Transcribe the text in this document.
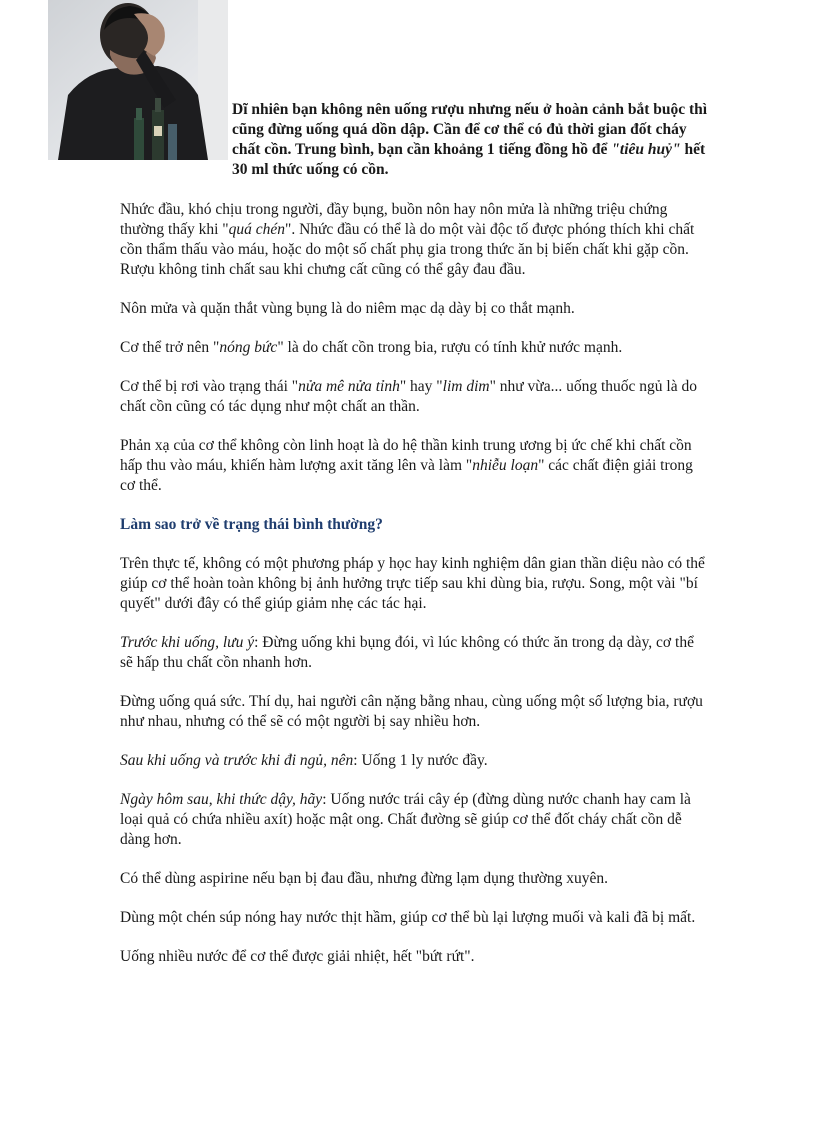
Dĩ nhiên bạn không nên uống rượu nhưng nếu ở hoàn cảnh bắt buộc thì cũng đừng uống quá dồn dập. Cần để cơ thể có đủ thời gian đốt cháy chất cồn. Trung bình, bạn cần khoảng 1 tiếng đồng hồ để "tiêu huỷ" hết 30 ml thức uống có cồn.

Nhức đầu, khó chịu trong người, đầy bụng, buồn nôn hay nôn mửa là những triệu chứng thường thấy khi "quá chén". Nhức đầu có thể là do một vài độc tố được phóng thích khi chất cồn thẩm thấu vào máu, hoặc do một số chất phụ gia trong thức ăn bị biến chất khi gặp cồn. Rượu không tinh chất sau khi chưng cất cũng có thể gây đau đầu.

Nôn mửa và quặn thắt vùng bụng là do niêm mạc dạ dày bị co thắt mạnh.

Cơ thể trở nên "nóng bức" là do chất cồn trong bia, rượu có tính khử nước mạnh.

Cơ thể bị rơi vào trạng thái "nửa mê nửa tỉnh" hay "lim dim" như vừa... uống thuốc ngủ là do chất cồn cũng có tác dụng như một chất an thần.

Phản xạ của cơ thể không còn linh hoạt là do hệ thần kinh trung ương bị ức chế khi chất cồn hấp thu vào máu, khiến hàm lượng axit tăng lên và làm "nhiễu loạn" các chất điện giải trong cơ thể.

Làm sao trở về trạng thái bình thường?

Trên thực tế, không có một phương pháp y học hay kinh nghiệm dân gian thần diệu nào có thể giúp cơ thể hoàn toàn không bị ảnh hưởng trực tiếp sau khi dùng bia, rượu. Song, một vài "bí quyết" dưới đây có thể giúp giảm nhẹ các tác hại.

Trước khi uống, lưu ý: Đừng uống khi bụng đói, vì lúc không có thức ăn trong dạ dày, cơ thể sẽ hấp thu chất cồn nhanh hơn.

Đừng uống quá sức. Thí dụ, hai người cân nặng bằng nhau, cùng uống một số lượng bia, rượu như nhau, nhưng có thể sẽ có một người bị say nhiều hơn.

Sau khi uống và trước khi đi ngủ, nên: Uống 1 ly nước đầy.

Ngày hôm sau, khi thức dậy, hãy: Uống nước trái cây ép (đừng dùng nước chanh hay cam là loại quả có chứa nhiều axít) hoặc mật ong. Chất đường sẽ giúp cơ thể đốt cháy chất cồn dễ dàng hơn.

Có thể dùng aspirine nếu bạn bị đau đầu, nhưng đừng lạm dụng thường xuyên.

Dùng một chén súp nóng hay nước thịt hầm, giúp cơ thể bù lại lượng muối và kali đã bị mất.

Uống nhiều nước để cơ thể được giải nhiệt, hết "bứt rứt".
